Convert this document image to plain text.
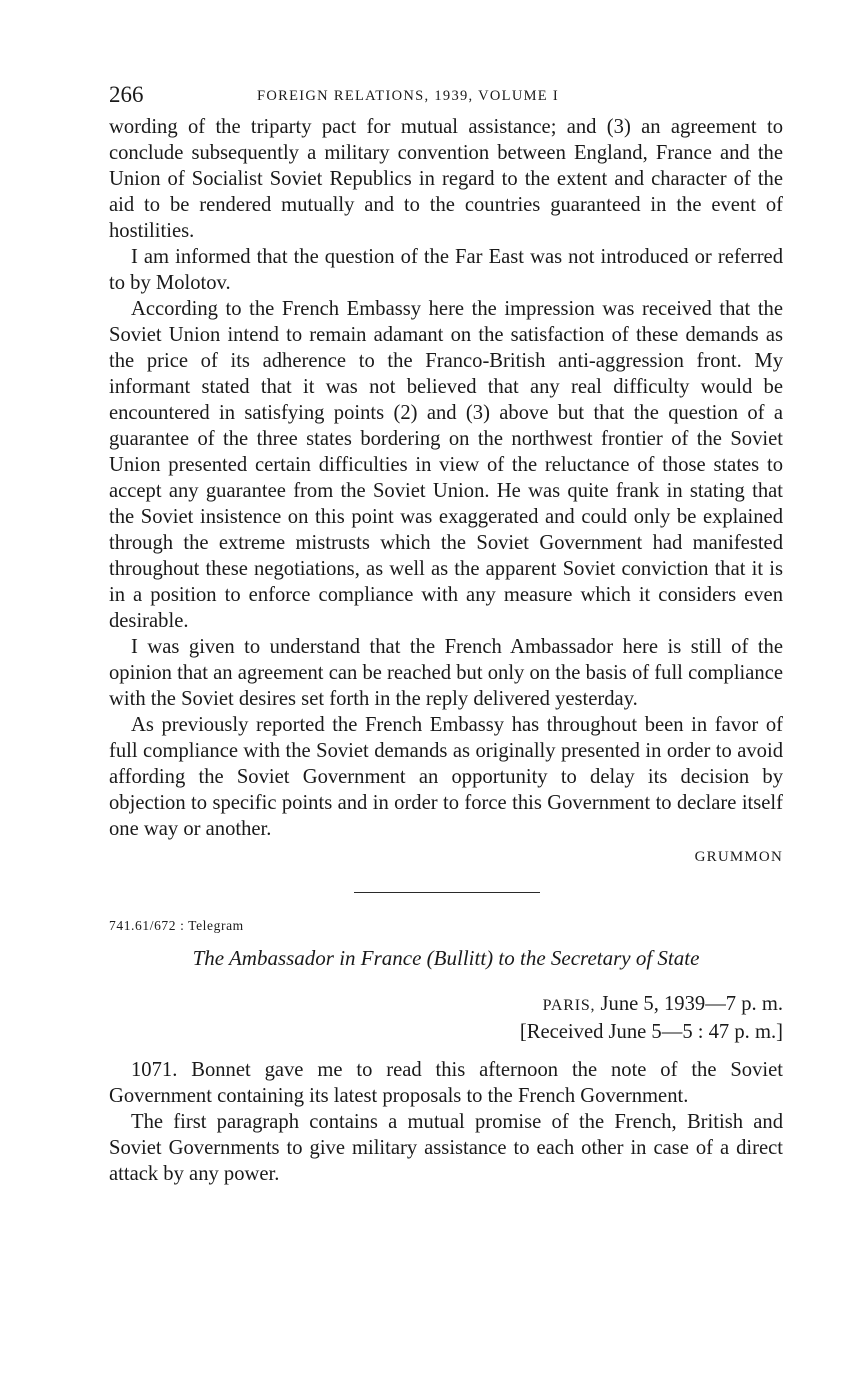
266	FOREIGN RELATIONS, 1939, VOLUME I

wording of the triparty pact for mutual assistance; and (3) an agreement to conclude subsequently a military convention between England, France and the Union of Socialist Soviet Republics in regard to the extent and character of the aid to be rendered mutually and to the countries guaranteed in the event of hostilities.

I am informed that the question of the Far East was not introduced or referred to by Molotov.

According to the French Embassy here the impression was received that the Soviet Union intend to remain adamant on the satisfaction of these demands as the price of its adherence to the Franco-British anti-aggression front. My informant stated that it was not believed that any real difficulty would be encountered in satisfying points (2) and (3) above but that the question of a guarantee of the three states bordering on the northwest frontier of the Soviet Union presented certain difficulties in view of the reluctance of those states to accept any guarantee from the Soviet Union. He was quite frank in stating that the Soviet insistence on this point was exaggerated and could only be explained through the extreme mistrusts which the Soviet Government had manifested throughout these negotiations, as well as the apparent Soviet conviction that it is in a position to enforce compliance with any measure which it considers even desirable.

I was given to understand that the French Ambassador here is still of the opinion that an agreement can be reached but only on the basis of full compliance with the Soviet desires set forth in the reply delivered yesterday.

As previously reported the French Embassy has throughout been in favor of full compliance with the Soviet demands as originally presented in order to avoid affording the Soviet Government an opportunity to delay its decision by objection to specific points and in order to force this Government to declare itself one way or another.

GRUMMON
741.61/672 : Telegram
The Ambassador in France (Bullitt) to the Secretary of State
PARIS, June 5, 1939—7 p. m.
[Received June 5—5 : 47 p. m.]

1071. Bonnet gave me to read this afternoon the note of the Soviet Government containing its latest proposals to the French Government.

The first paragraph contains a mutual promise of the French, British and Soviet Governments to give military assistance to each other in case of a direct attack by any power.
